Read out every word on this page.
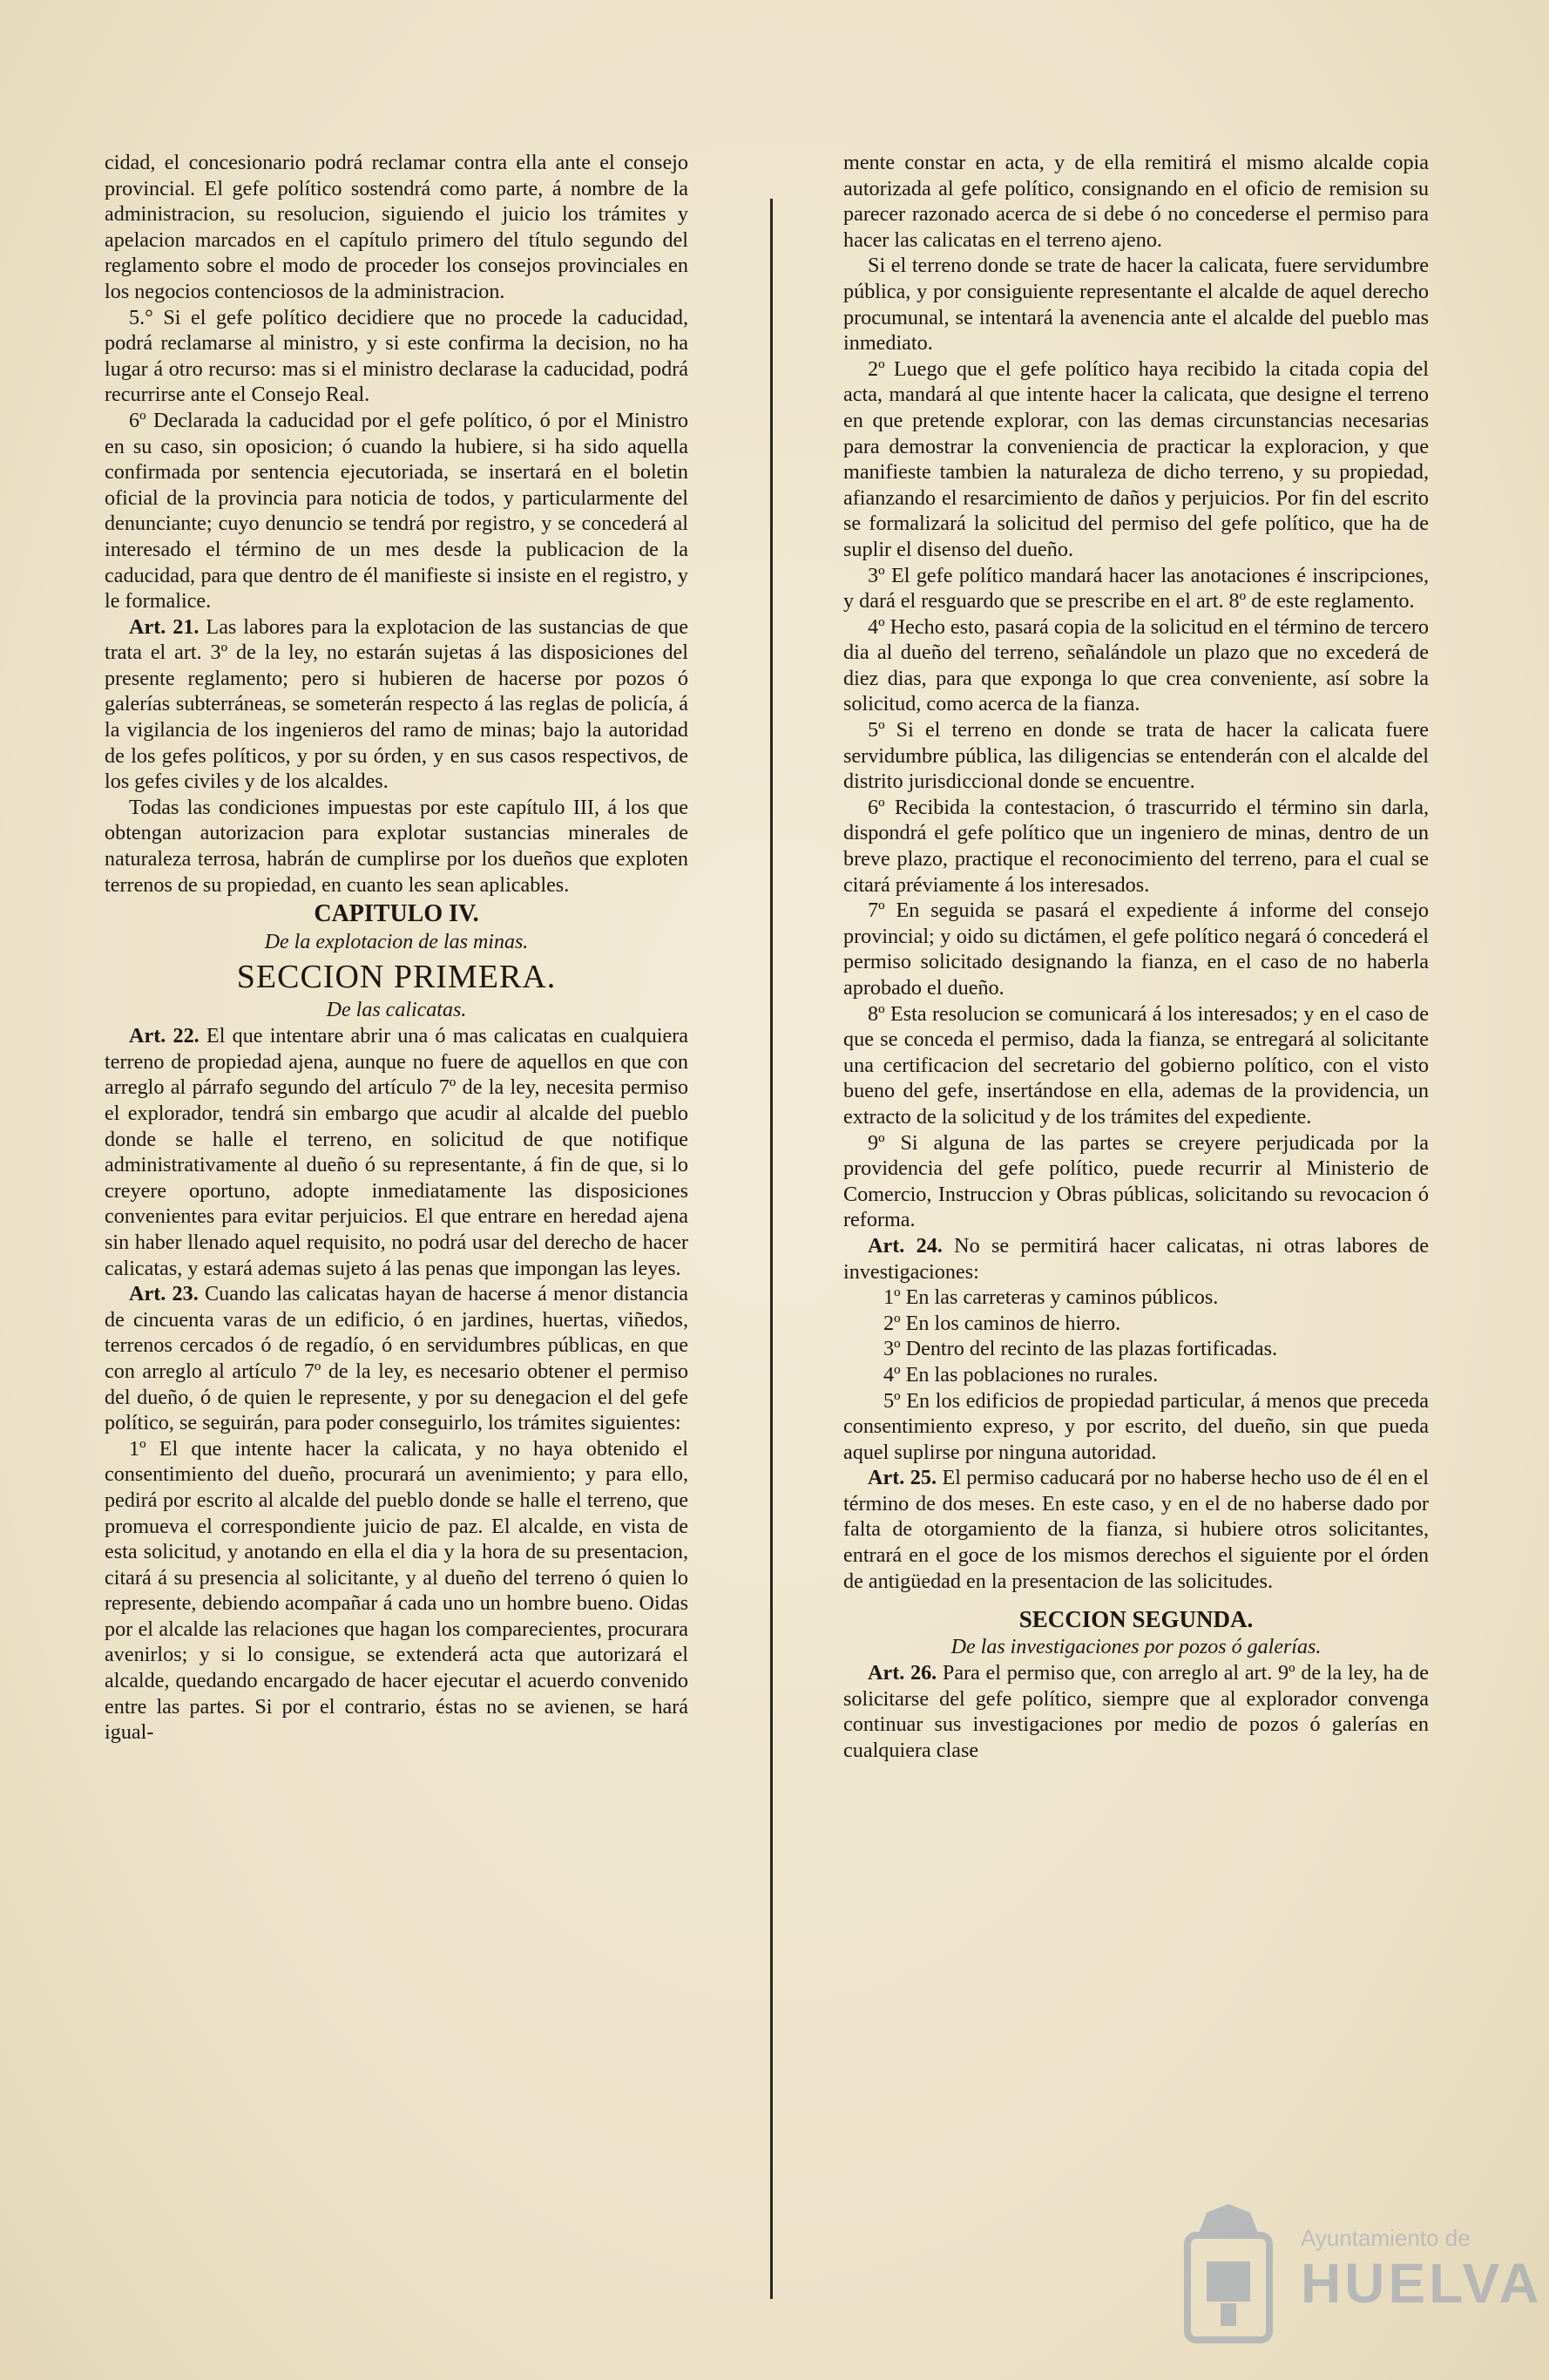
cidad, el concesionario podrá reclamar contra ella ante el consejo provincial. El gefe político sostendrá como parte, á nombre de la administracion, su resolucion, siguiendo el juicio los trámites y apelacion marcados en el capítulo primero del título segundo del reglamento sobre el modo de proceder los consejos provinciales en los negocios contenciosos de la administracion.

5.° Si el gefe político decidiere que no procede la caducidad, podrá reclamarse al ministro, y si este confirma la decision, no ha lugar á otro recurso: mas si el ministro declarase la caducidad, podrá recurrirse ante el Consejo Real.

6º Declarada la caducidad por el gefe político, ó por el Ministro en su caso, sin oposicion; ó cuando la hubiere, si ha sido aquella confirmada por sentencia ejecutoriada, se insertará en el boletin oficial de la provincia para noticia de todos, y particularmente del denunciante; cuyo denuncio se tendrá por registro, y se concederá al interesado el término de un mes desde la publicacion de la caducidad, para que dentro de él manifieste si insiste en el registro, y le formalice.

Art. 21. Las labores para la explotacion de las sustancias de que trata el art. 3º de la ley, no estarán sujetas á las disposiciones del presente reglamento; pero si hubieren de hacerse por pozos ó galerías subterráneas, se someterán respecto á las reglas de policía, á la vigilancia de los ingenieros del ramo de minas; bajo la autoridad de los gefes políticos, y por su órden, y en sus casos respectivos, de los gefes civiles y de los alcaldes.

Todas las condiciones impuestas por este capítulo III, á los que obtengan autorizacion para explotar sustancias minerales de naturaleza terrosa, habrán de cumplirse por los dueños que exploten terrenos de su propiedad, en cuanto les sean aplicables.

CAPITULO IV.
De la explotacion de las minas.
SECCION PRIMERA.
De las calicatas.

Art. 22. El que intentare abrir una ó mas calicatas en cualquiera terreno de propiedad ajena, aunque no fuere de aquellos en que con arreglo al párrafo segundo del artículo 7º de la ley, necesita permiso el explorador, tendrá sin embargo que acudir al alcalde del pueblo donde se halle el terreno, en solicitud de que notifique administrativamente al dueño ó su representante, á fin de que, si lo creyere oportuno, adopte inmediatamente las disposiciones convenientes para evitar perjuicios. El que entrare en heredad ajena sin haber llenado aquel requisito, no podrá usar del derecho de hacer calicatas, y estará ademas sujeto á las penas que impongan las leyes.

Art. 23. Cuando las calicatas hayan de hacerse á menor distancia de cincuenta varas de un edificio, ó en jardines, huertas, viñedos, terrenos cercados ó de regadío, ó en servidumbres públicas, en que con arreglo al artículo 7º de la ley, es necesario obtener el permiso del dueño, ó de quien le represente, y por su denegacion el del gefe político, se seguirán, para poder conseguirlo, los trámites siguientes:

1º El que intente hacer la calicata, y no haya obtenido el consentimiento del dueño, procurará un avenimiento; y para ello, pedirá por escrito al alcalde del pueblo donde se halle el terreno, que promueva el correspondiente juicio de paz. El alcalde, en vista de esta solicitud, y anotando en ella el dia y la hora de su presentacion, citará á su presencia al solicitante, y al dueño del terreno ó quien lo represente, debiendo acompañar á cada uno un hombre bueno. Oidas por el alcalde las relaciones que hagan los comparecientes, procurara avenirlos; y si lo consigue, se extenderá acta que autorizará el alcalde, quedando encargado de hacer ejecutar el acuerdo convenido entre las partes. Si por el contrario, éstas no se avienen, se hará igual-

mente constar en acta, y de ella remitirá el mismo alcalde copia autorizada al gefe político, consignando en el oficio de remision su parecer razonado acerca de si debe ó no concederse el permiso para hacer las calicatas en el terreno ajeno.

Si el terreno donde se trate de hacer la calicata, fuere servidumbre pública, y por consiguiente representante el alcalde de aquel derecho procumunal, se intentará la avenencia ante el alcalde del pueblo mas inmediato.

2º Luego que el gefe político haya recibido la citada copia del acta, mandará al que intente hacer la calicata, que designe el terreno en que pretende explorar, con las demas circunstancias necesarias para demostrar la conveniencia de practicar la exploracion, y que manifieste tambien la naturaleza de dicho terreno, y su propiedad, afianzando el resarcimiento de daños y perjuicios. Por fin del escrito se formalizará la solicitud del permiso del gefe político, que ha de suplir el disenso del dueño.

3º El gefe político mandará hacer las anotaciones é inscripciones, y dará el resguardo que se prescribe en el art. 8º de este reglamento.

4º Hecho esto, pasará copia de la solicitud en el término de tercero dia al dueño del terreno, señalándole un plazo que no excederá de diez dias, para que exponga lo que crea conveniente, así sobre la solicitud, como acerca de la fianza.

5º Si el terreno en donde se trata de hacer la calicata fuere servidumbre pública, las diligencias se entenderán con el alcalde del distrito jurisdiccional donde se encuentre.

6º Recibida la contestacion, ó trascurrido el término sin darla, dispondrá el gefe político que un ingeniero de minas, dentro de un breve plazo, practique el reconocimiento del terreno, para el cual se citará préviamente á los interesados.

7º En seguida se pasará el expediente á informe del consejo provincial; y oido su dictámen, el gefe político negará ó concederá el permiso solicitado designando la fianza, en el caso de no haberla aprobado el dueño.

8º Esta resolucion se comunicará á los interesados; y en el caso de que se conceda el permiso, dada la fianza, se entregará al solicitante una certificacion del secretario del gobierno político, con el visto bueno del gefe, insertándose en ella, ademas de la providencia, un extracto de la solicitud y de los trámites del expediente.

9º Si alguna de las partes se creyere perjudicada por la providencia del gefe político, puede recurrir al Ministerio de Comercio, Instruccion y Obras públicas, solicitando su revocacion ó reforma.

Art. 24. No se permitirá hacer calicatas, ni otras labores de investigaciones:

1º En las carreteras y caminos públicos.

2º En los caminos de hierro.

3º Dentro del recinto de las plazas fortificadas.

4º En las poblaciones no rurales.

5º En los edificios de propiedad particular, á menos que preceda consentimiento expreso, y por escrito, del dueño, sin que pueda aquel suplirse por ninguna autoridad.

Art. 25. El permiso caducará por no haberse hecho uso de él en el término de dos meses. En este caso, y en el de no haberse dado por falta de otorgamiento de la fianza, si hubiere otros solicitantes, entrará en el goce de los mismos derechos el siguiente por el órden de antigüedad en la presentacion de las solicitudes.

SECCION SEGUNDA.
De las investigaciones por pozos ó galerías.

Art. 26. Para el permiso que, con arreglo al art. 9º de la ley, ha de solicitarse del gefe político, siempre que al explorador convenga continuar sus investigaciones por medio de pozos ó galerías en cualquiera clase

Ayuntamiento de
HUELVA
